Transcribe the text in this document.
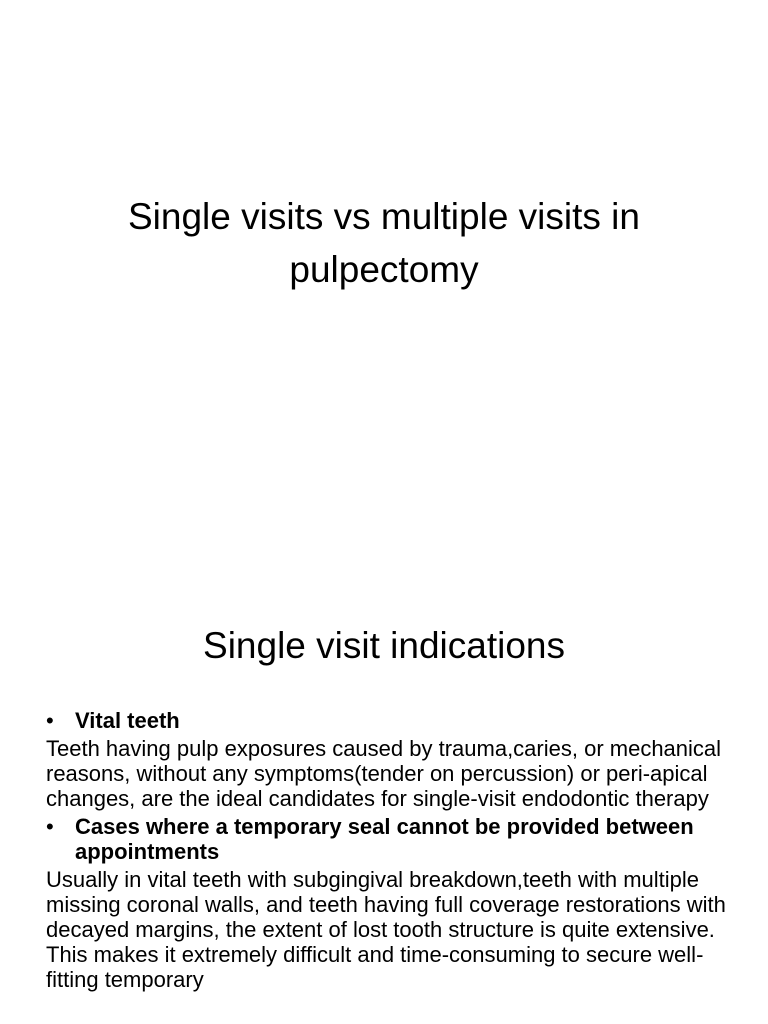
Single visits vs multiple visits in pulpectomy
Single visit indications
• Vital teeth

Teeth having pulp exposures caused by trauma,caries, or mechanical reasons, without any symptoms(tender on percussion) or peri-apical changes, are the ideal candidates for single-visit endodontic therapy

• Cases where a temporary seal cannot be provided between appointments

Usually in vital teeth with subgingival breakdown,teeth with multiple missing coronal walls, and teeth having full coverage restorations with decayed margins, the extent of lost tooth structure is quite extensive. This makes it extremely difficult and time-consuming to secure well-fitting temporary
